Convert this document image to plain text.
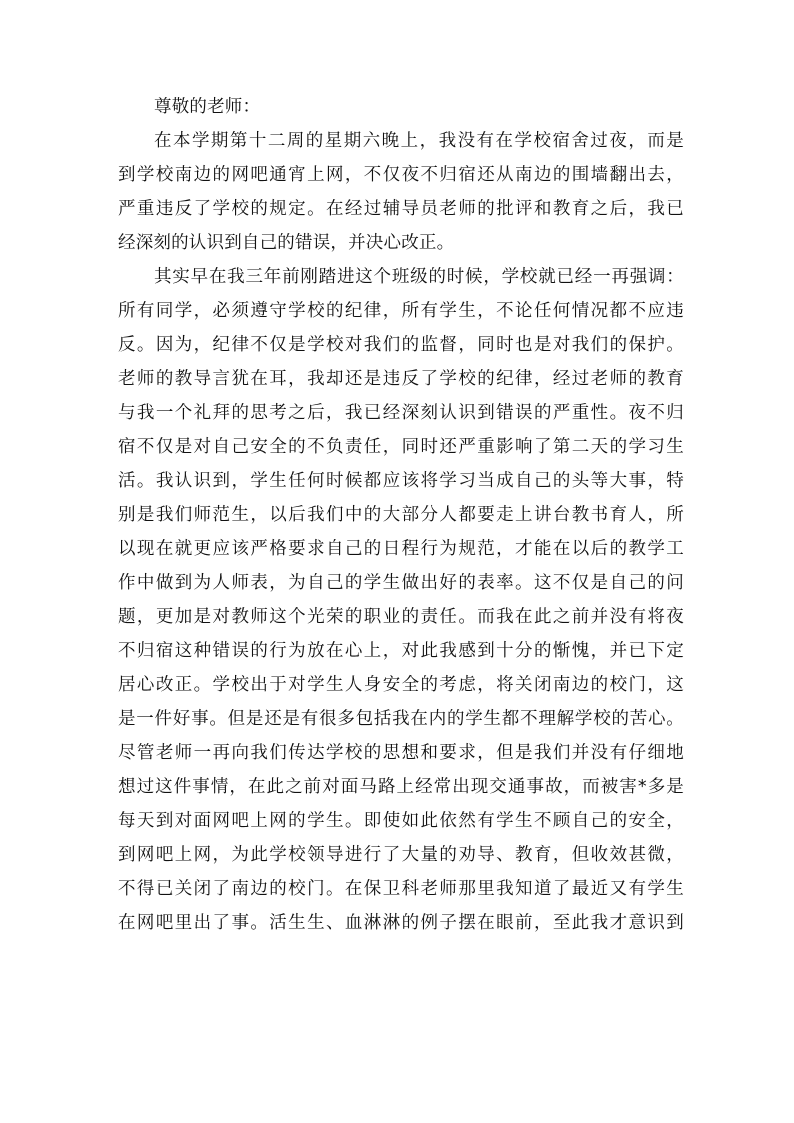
尊敬的老师：
在本学期第十二周的星期六晚上，我没有在学校宿舍过夜，而是
到学校南边的网吧通宵上网，不仅夜不归宿还从南边的围墙翻出去，
严重违反了学校的规定。在经过辅导员老师的批评和教育之后，我已
经深刻的认识到自己的错误，并决心改正。
其实早在我三年前刚踏进这个班级的时候，学校就已经一再强调：
所有同学，必须遵守学校的纪律，所有学生，不论任何情况都不应违
反。因为，纪律不仅是学校对我们的监督，同时也是对我们的保护。
老师的教导言犹在耳，我却还是违反了学校的纪律，经过老师的教育
与我一个礼拜的思考之后，我已经深刻认识到错误的严重性。夜不归
宿不仅是对自己安全的不负责任，同时还严重影响了第二天的学习生
活。我认识到，学生任何时候都应该将学习当成自己的头等大事，特
别是我们师范生，以后我们中的大部分人都要走上讲台教书育人，所
以现在就更应该严格要求自己的日程行为规范，才能在以后的教学工
作中做到为人师表，为自己的学生做出好的表率。这不仅是自己的问
题，更加是对教师这个光荣的职业的责任。而我在此之前并没有将夜
不归宿这种错误的行为放在心上，对此我感到十分的惭愧，并已下定
居心改正。学校出于对学生人身安全的考虑，将关闭南边的校门，这
是一件好事。但是还是有很多包括我在内的学生都不理解学校的苦心。
尽管老师一再向我们传达学校的思想和要求，但是我们并没有仔细地
想过这件事情，在此之前对面马路上经常出现交通事故，而被害*多是
每天到对面网吧上网的学生。即使如此依然有学生不顾自己的安全，
到网吧上网，为此学校领导进行了大量的劝导、教育，但收效甚微，
不得已关闭了南边的校门。在保卫科老师那里我知道了最近又有学生
在网吧里出了事。活生生、血淋淋的例子摆在眼前，至此我才意识到
